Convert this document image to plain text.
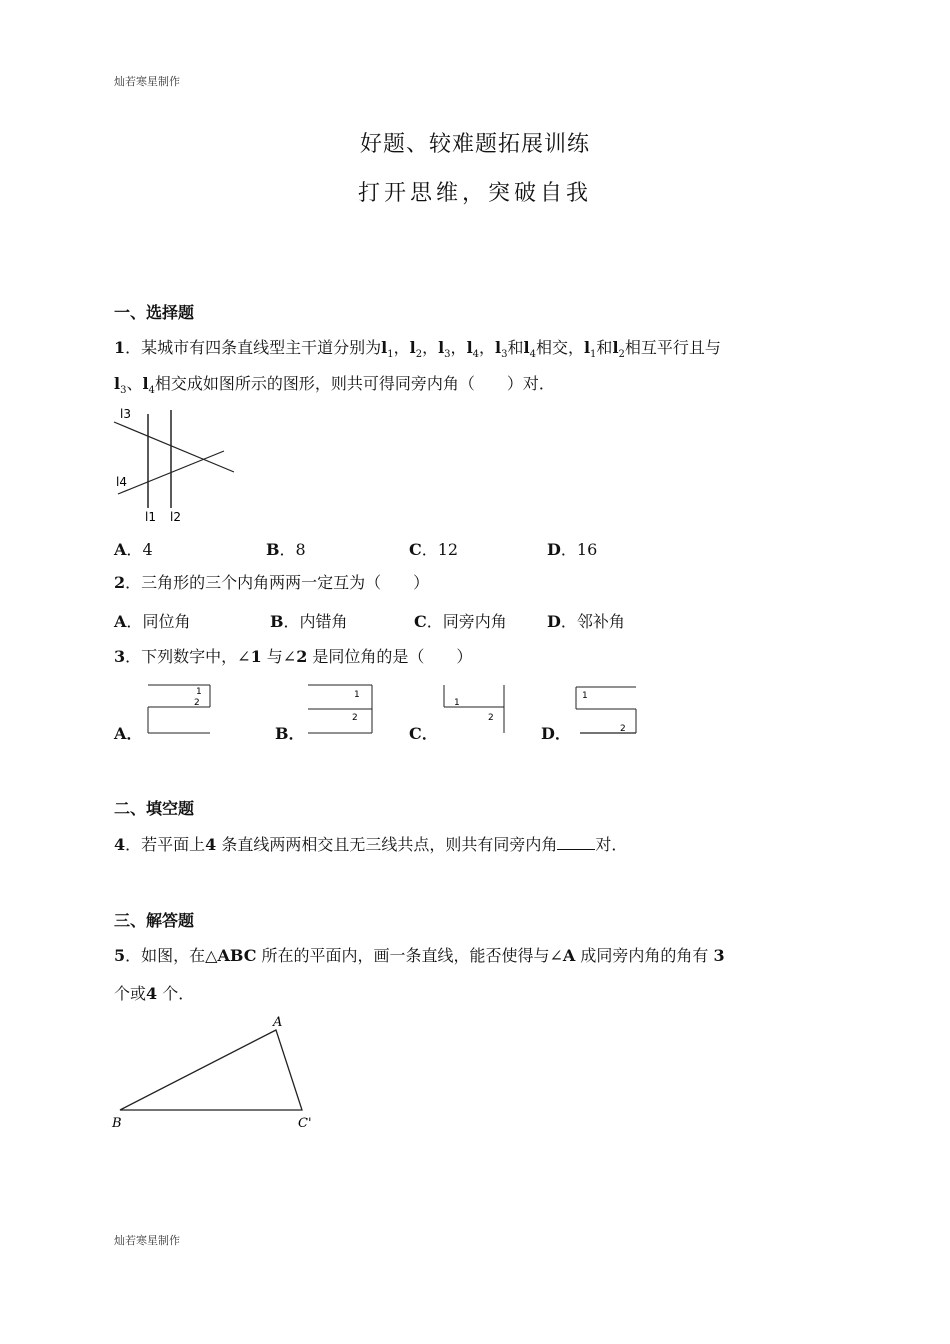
灿若寒星制作
好题、较难题拓展训练
打开思维，突破自我
一、选择题
1．某城市有四条直线型主干道分别为$l_1$，$l_2$，$l_3$，$l_4$，$l_3$和$l_4$相交，$l_1$和$l_2$相互平行且与
$l_3$、$l_4$相交成如图所示的图形，则共可得同旁内角（　　）对．
l3
l4
l1 l2
A．4	B．8	C．12	D．16
2．三角形的三个内角两两一定互为（　　）
A．同位角	B．内错角	C．同旁内角	D．邻补角
3．下列数字中，∠1 与∠2 是同位角的是（　　）
A．	B．	C．	D．
1
2
1
2
1
2
1
2
二、填空题
4．若平面上4 条直线两两相交且无三线共点，则共有同旁内角 对．
三、解答题
5．如图，在△ABC 所在的平面内，画一条直线，能否使得与∠A 成同旁内角的角有 3
个或4 个．
A
B	C'
灿若寒星制作
